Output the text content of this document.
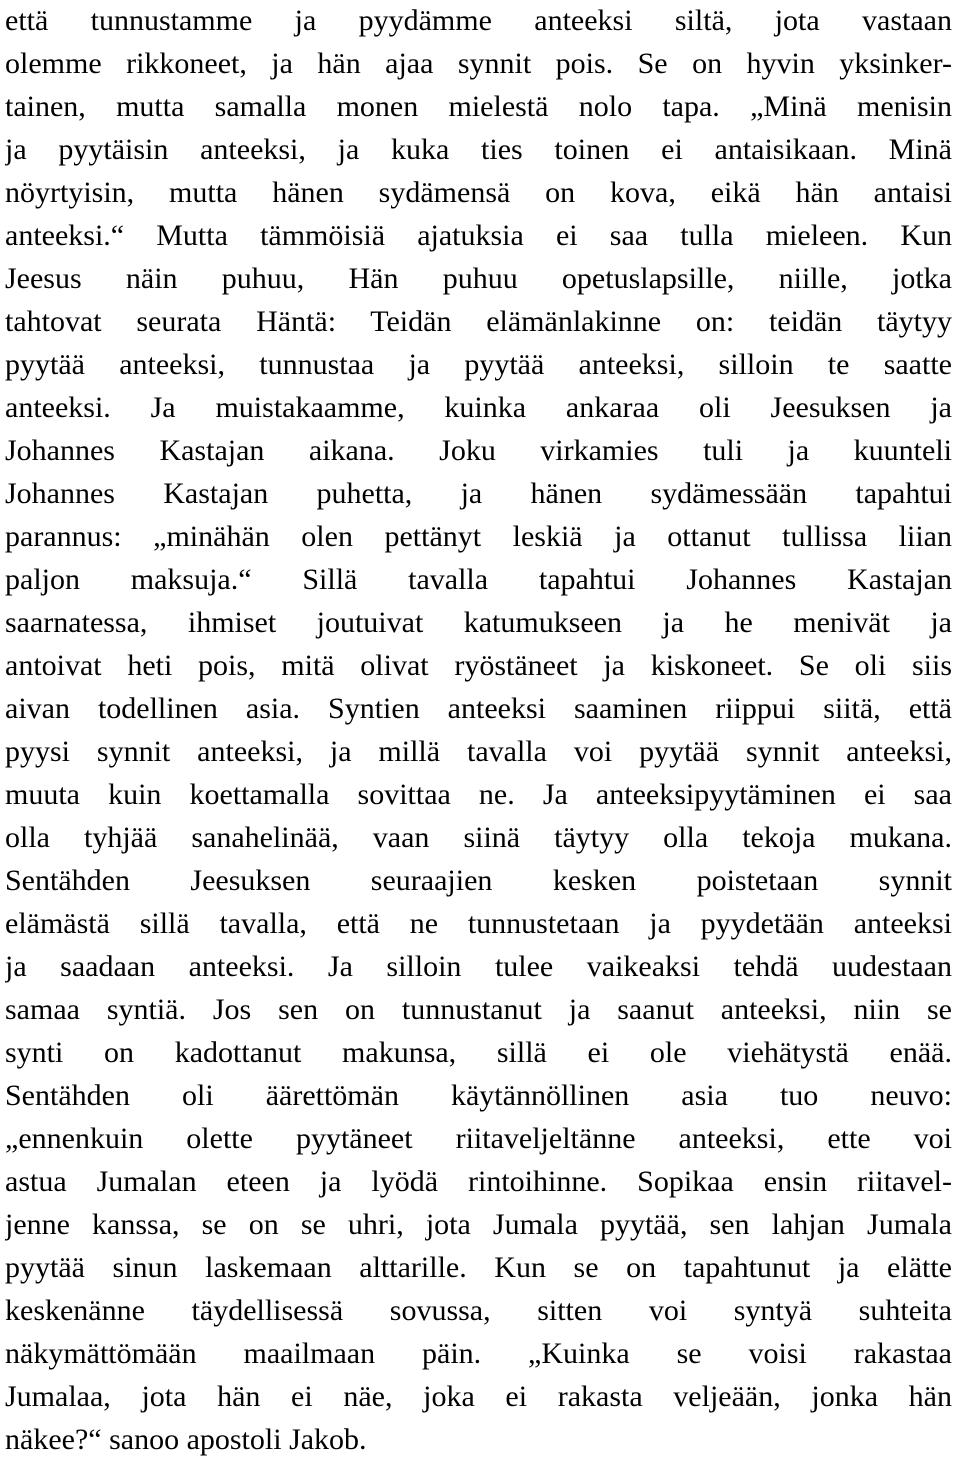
että tunnustamme ja pyydämme anteeksi siltä, jota vastaan
olemme rikkoneet, ja hän ajaa synnit pois. Se on hyvin yksinker-
tainen, mutta samalla monen mielestä nolo tapa. „Minä menisin
ja pyytäisin anteeksi, ja kuka ties toinen ei antaisikaan. Minä
nöyrtyisin, mutta hänen sydämensä on kova, eikä hän antaisi
anteeksi.“ Mutta tämmöisiä ajatuksia ei saa tulla mieleen. Kun
Jeesus näin puhuu, Hän puhuu opetuslapsille, niille, jotka
tahtovat seurata Häntä: Teidän elämänlakinne on: teidän täytyy
pyytää anteeksi, tunnustaa ja pyytää anteeksi, silloin te saatte
anteeksi. Ja muistakaamme, kuinka ankaraa oli Jeesuksen ja
Johannes Kastajan aikana. Joku virkamies tuli ja kuunteli
Johannes Kastajan puhetta, ja hänen sydämessään tapahtui
parannus: „minähän olen pettänyt leskiä ja ottanut tullissa liian
paljon maksuja.“ Sillä tavalla tapahtui Johannes Kastajan
saarnatessa, ihmiset joutuivat katumukseen ja he menivät ja
antoivat heti pois, mitä olivat ryöstäneet ja kiskoneet. Se oli siis
aivan todellinen asia. Syntien anteeksi saaminen riippui siitä, että
pyysi synnit anteeksi, ja millä tavalla voi pyytää synnit anteeksi,
muuta kuin koettamalla sovittaa ne. Ja anteeksipyytäminen ei saa
olla tyhjää sanahelinää, vaan siinä täytyy olla tekoja mukana.
Sentähden Jeesuksen seuraajien kesken poistetaan synnit
elämästä sillä tavalla, että ne tunnustetaan ja pyydetään anteeksi
ja saadaan anteeksi. Ja silloin tulee vaikeaksi tehdä uudestaan
samaa syntiä. Jos sen on tunnustanut ja saanut anteeksi, niin se
synti on kadottanut makunsa, sillä ei ole viehätystä enää.
Sentähden oli äärettömän käytännöllinen asia tuo neuvo:
„ennenkuin olette pyytäneet riitaveljeltänne anteeksi, ette voi
astua Jumalan eteen ja lyödä rintoihinne. Sopikaa ensin riitavel-
jenne kanssa, se on se uhri, jota Jumala pyytää, sen lahjan Jumala
pyytää sinun laskemaan alttarille. Kun se on tapahtunut ja elätte
keskenänne täydellisessä sovussa, sitten voi syntyä suhteita
näkymättömään maailmaan päin. „Kuinka se voisi rakastaa
Jumalaa, jota hän ei näe, joka ei rakasta veljeään, jonka hän
näkee?“ sanoo apostoli Jakob.
